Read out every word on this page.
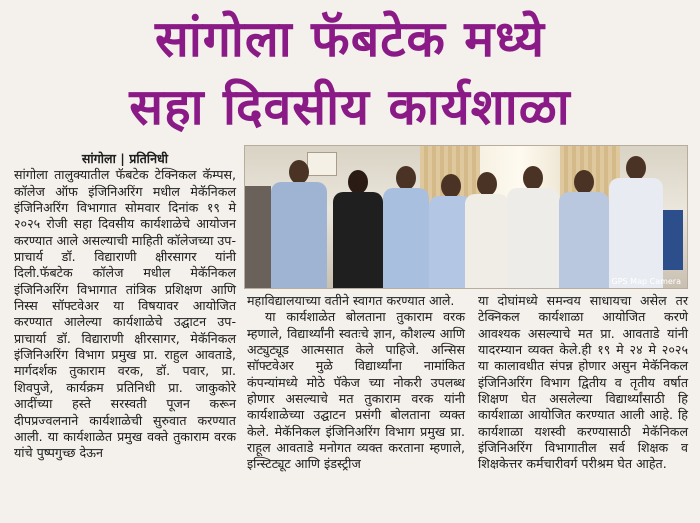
सांगोला फॅबटेक मध्ये
सहा दिवसीय कार्यशाळा

सांगोला | प्रतिनिधी

सांगोला तालुक्यातील फॅबटेक टेक्निकल कॅम्पस, कॉलेज ऑफ इंजिनिअरिंग मधील मेकॅनिकल इंजिनिअरिंग विभागात सोमवार दिनांक १९ मे २०२५ रोजी सहा दिवसीय कार्यशाळेचे आयोजन करण्यात आले असल्याची माहिती कॉलेजच्या उप-प्राचार्य डॉ. विद्याराणी क्षीरसागर यांनी दिली.फॅबटेक कॉलेज मधील मेकॅनिकल इंजिनिअरिंग विभागात तांत्रिक प्रशिक्षण आणि निस्स सॉफ्टवेअर या विषयावर आयोजित करण्यात आलेल्या कार्यशाळेचे उद्घाटन उप-प्राचार्या डॉ. विद्याराणी क्षीरसागर, मेकॅनिकल इंजिनिअरिंग विभाग प्रमुख प्रा. राहुल आवताडे, मार्गदर्शक तुकाराम वरक, डॉ. पवार, प्रा. शिवपुजे, कार्यक्रम प्रतिनिधी प्रा. जाकुकोरे आदींच्या हस्ते सरस्वती पूजन करून दीपप्रज्वलनाने कार्यशाळेची सुरुवात करण्यात आली. या कार्यशाळेत प्रमुख वक्ते तुकाराम वरक यांचे पुष्पगुच्छ देऊन

GPS Map Camera

महाविद्यालयाच्या वतीने स्वागत करण्यात आले.

या कार्यशाळेत बोलताना तुकाराम वरक म्हणाले, विद्यार्थ्यांनी स्वतःचे ज्ञान, कौशल्य आणि अट्युट्यूड आत्मसात केले पाहिजे. अन्सिस सॉफ्टवेअर मुळे विद्यार्थ्यांना नामांकित कंपन्यांमध्ये मोठे पॅकेज च्या नोकरी उपलब्ध होणार असल्याचे मत तुकाराम वरक यांनी कार्यशाळेच्या उद्घाटन प्रसंगी बोलताना व्यक्त केले. मेकॅनिकल इंजिनिअरिंग विभाग प्रमुख प्रा. राहूल आवताडे मनोगत व्यक्त करताना म्हणाले, इन्स्टिट्यूट आणि इंडस्ट्रीज

या दोघांमध्ये समन्वय साधायचा असेल तर टेक्निकल कार्यशाळा आयोजित करणे आवश्यक असल्याचे मत प्रा. आवताडे यांनी यादरम्यान व्यक्त केले.ही १९ मे २४ मे २०२५ या कालावधीत संपन्न होणार असुन मेकॅनिकल इंजिनिअरिंग विभाग द्वितीय व तृतीय वर्षात शिक्षण घेत असलेल्या विद्यार्थ्यांसाठी हि कार्यशाळा आयोजित करण्यात आली आहे. हि कार्यशाळा यशस्वी करण्यासाठी मेकॅनिकल इंजिनिअरिंग विभागातील सर्व शिक्षक व शिक्षकेत्तर कर्मचारीवर्ग परीश्रम घेत आहेत.
